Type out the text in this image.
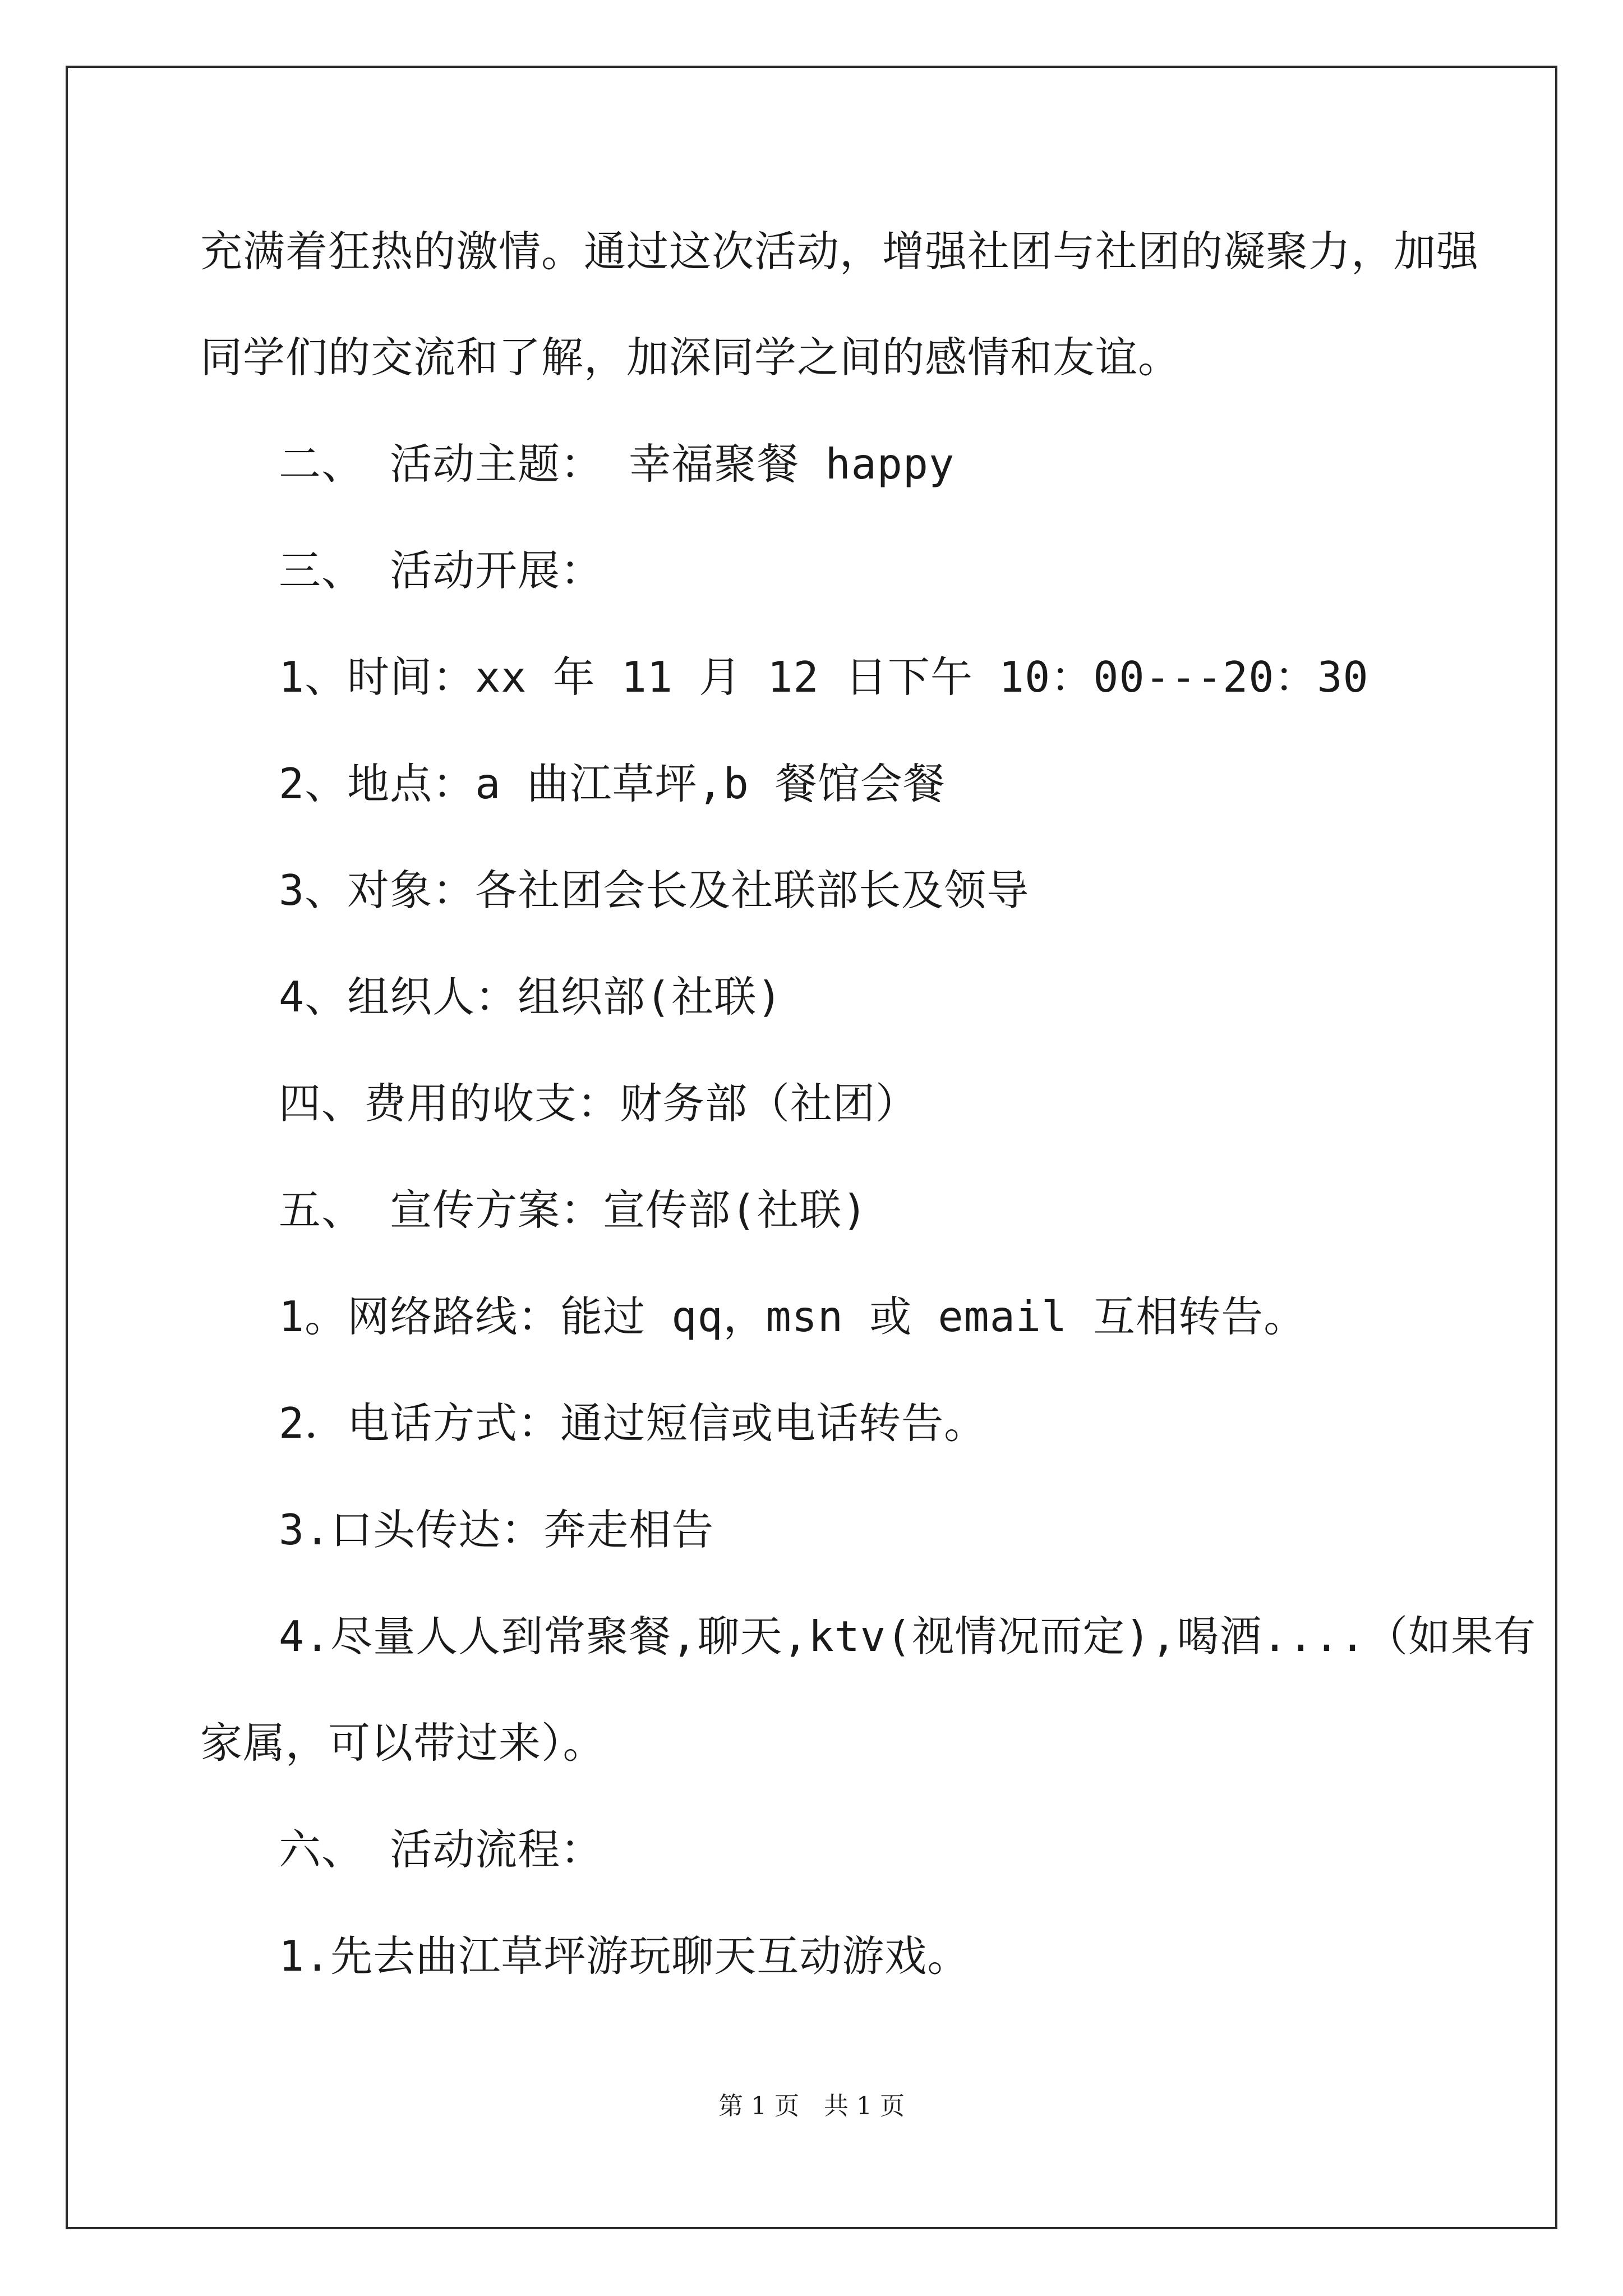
充满着狂热的激情。通过这次活动，增强社团与社团的凝聚力，加强
同学们的交流和了解，加深同学之间的感情和友谊。
二、 活动主题： 幸福聚餐 happy
三、 活动开展：
1、时间：xx 年 11 月 12 日下午 10：00---20：30
2、地点：a 曲江草坪,b 餐馆会餐
3、对象：各社团会长及社联部长及领导
4、组织人：组织部(社联)
四、费用的收支：财务部（社团）
五、 宣传方案：宣传部(社联)
1。网络路线：能过 qq，msn 或 email 互相转告。
2．电话方式：通过短信或电话转告。
3.口头传达：奔走相告
4.尽量人人到常聚餐,聊天,ktv(视情况而定),喝酒....（如果有
家属，可以带过来）。
六、 活动流程：
1.先去曲江草坪游玩聊天互动游戏。
第 1 页　共 1 页
